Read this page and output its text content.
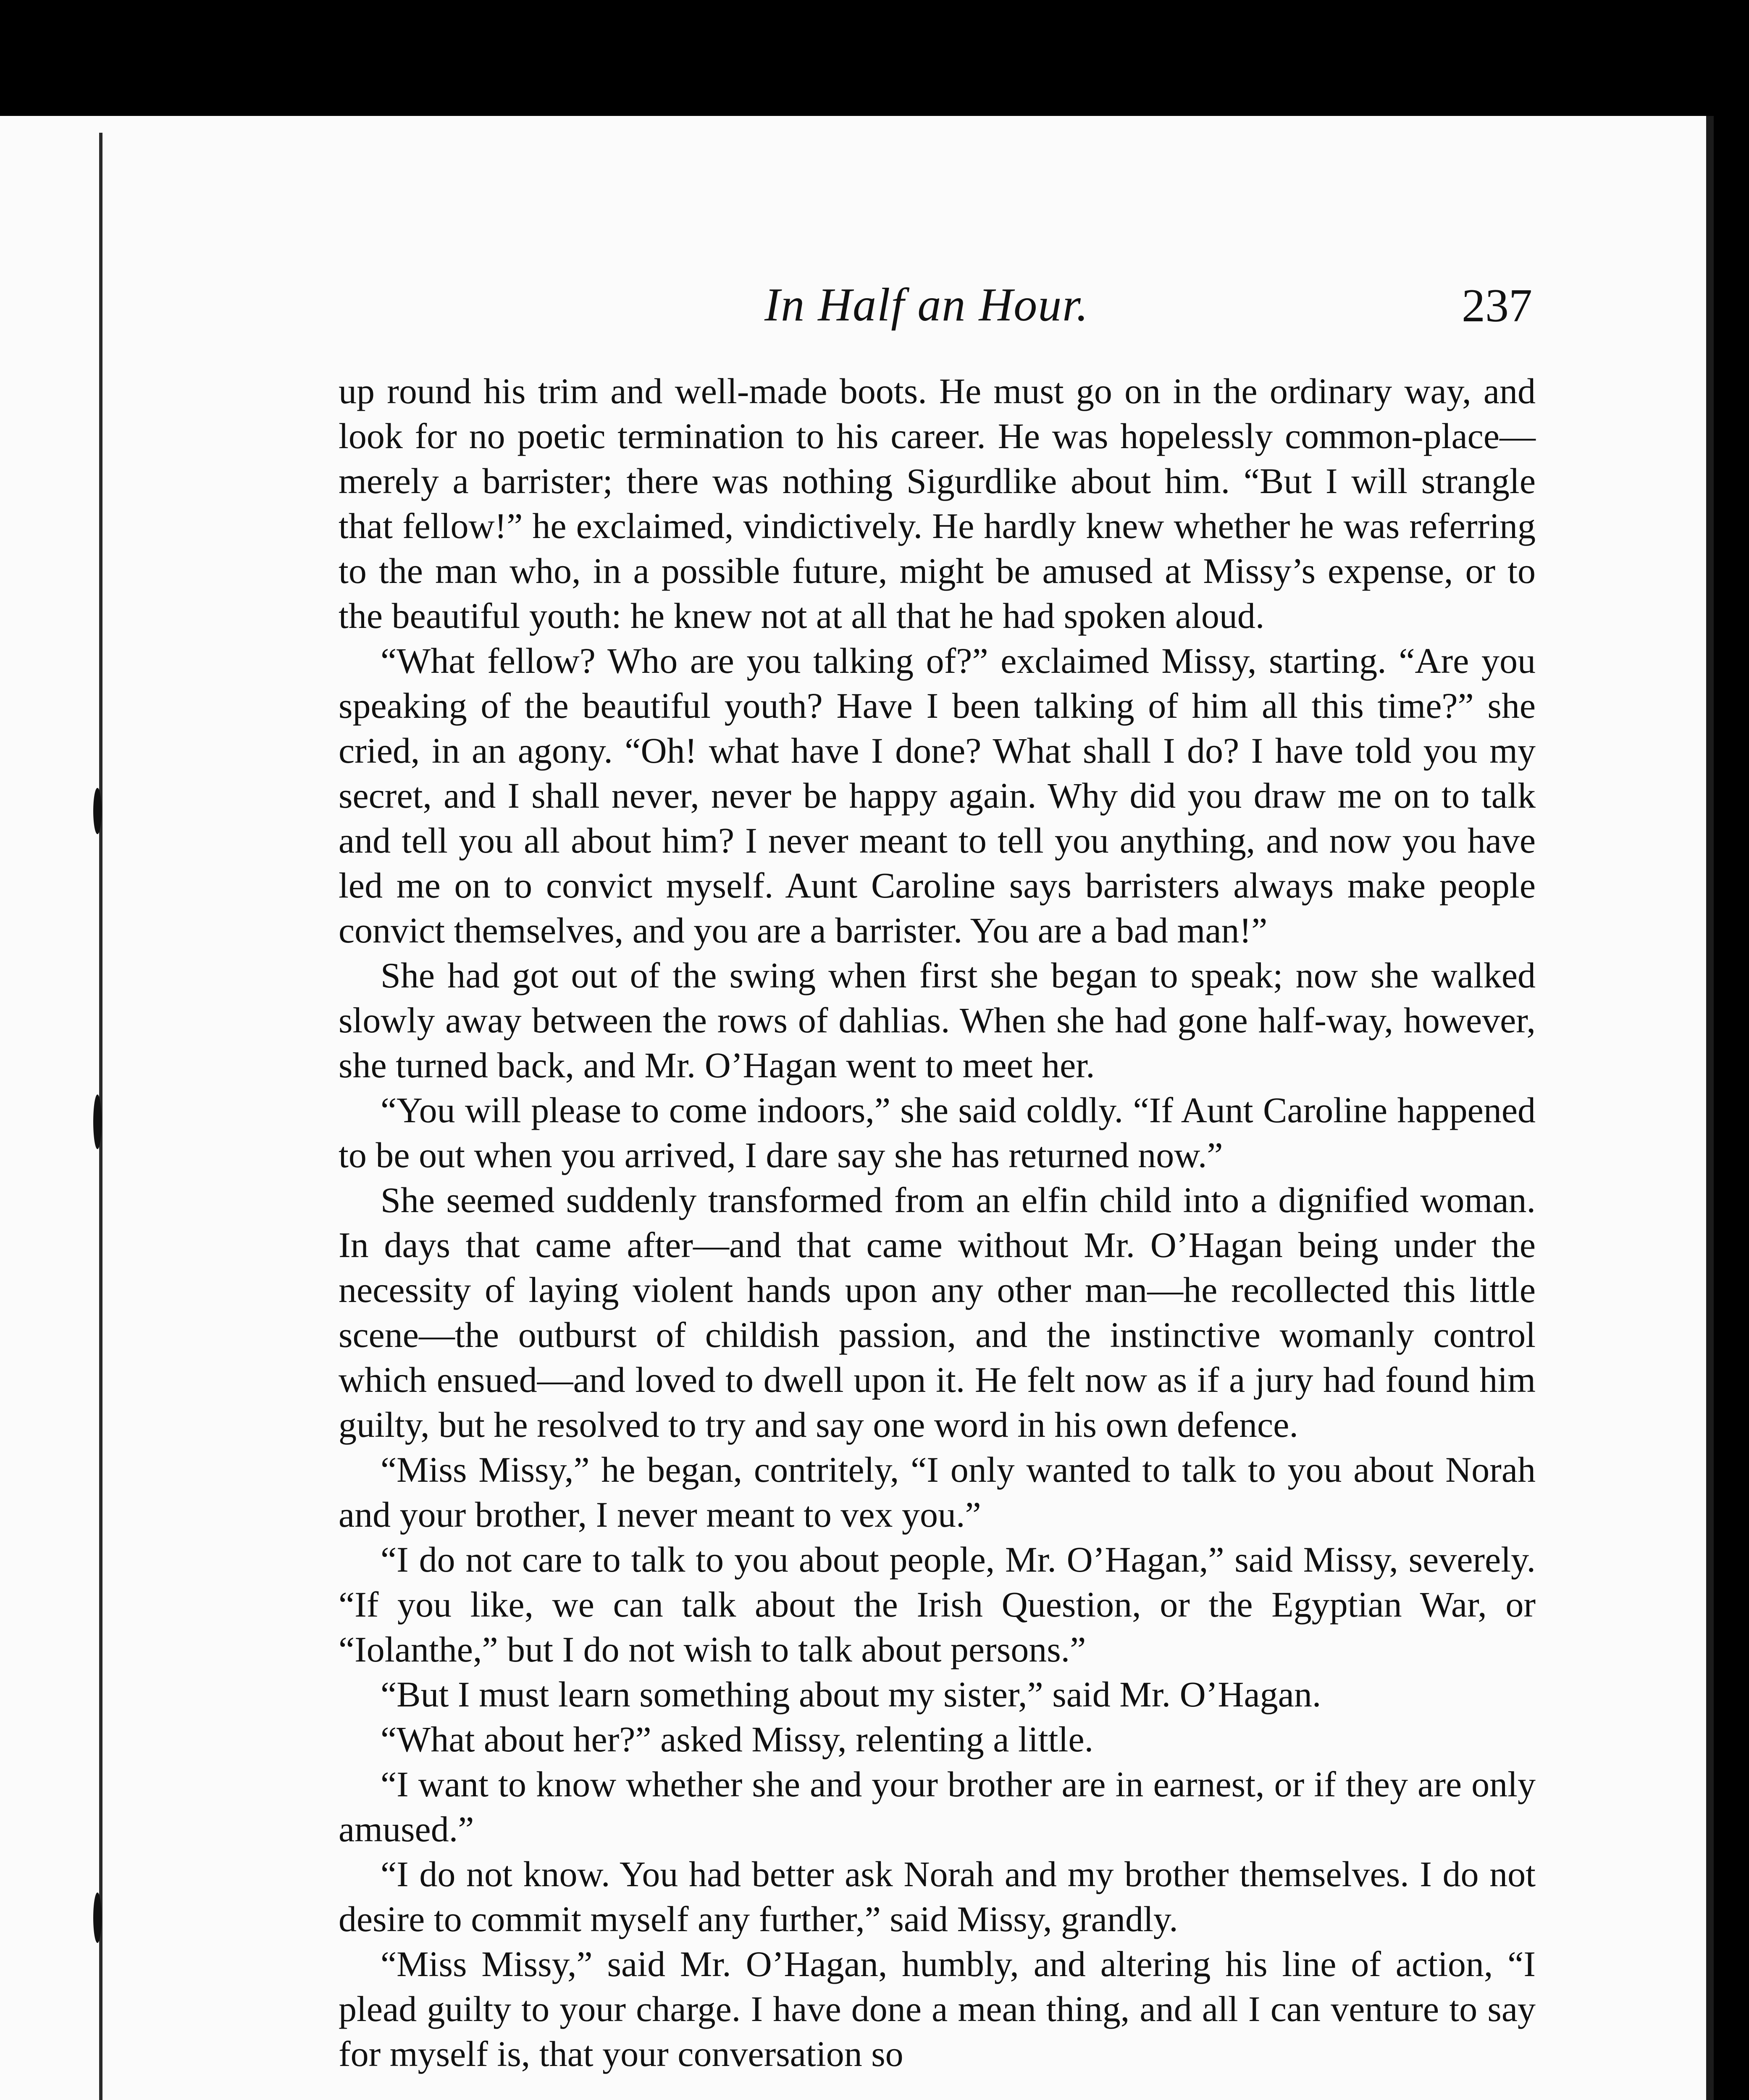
In Half an Hour.	237

up round his trim and well-made boots. He must go on in the ordinary way, and look for no poetic termination to his career. He was hopelessly common-place—merely a barrister; there was nothing Sigurdlike about him. “But I will strangle that fellow!” he exclaimed, vindictively. He hardly knew whether he was referring to the man who, in a possible future, might be amused at Missy’s expense, or to the beautiful youth: he knew not at all that he had spoken aloud.

“What fellow? Who are you talking of?” exclaimed Missy, starting. “Are you speaking of the beautiful youth? Have I been talking of him all this time?” she cried, in an agony. “Oh! what have I done? What shall I do? I have told you my secret, and I shall never, never be happy again. Why did you draw me on to talk and tell you all about him? I never meant to tell you anything, and now you have led me on to convict myself. Aunt Caroline says barristers always make people convict themselves, and you are a barrister. You are a bad man!”

She had got out of the swing when first she began to speak; now she walked slowly away between the rows of dahlias. When she had gone half-way, however, she turned back, and Mr. O’Hagan went to meet her.

“You will please to come indoors,” she said coldly. “If Aunt Caroline happened to be out when you arrived, I dare say she has returned now.”

She seemed suddenly transformed from an elfin child into a dignified woman. In days that came after—and that came without Mr. O’Hagan being under the necessity of laying violent hands upon any other man—he recollected this little scene—the outburst of childish passion, and the instinctive womanly control which ensued—and loved to dwell upon it. He felt now as if a jury had found him guilty, but he resolved to try and say one word in his own defence.

“Miss Missy,” he began, contritely, “I only wanted to talk to you about Norah and your brother, I never meant to vex you.”

“I do not care to talk to you about people, Mr. O’Hagan,” said Missy, severely. “If you like, we can talk about the Irish Question, or the Egyptian War, or “Iolanthe,” but I do not wish to talk about persons.”

“But I must learn something about my sister,” said Mr. O’Hagan.

“What about her?” asked Missy, relenting a little.

“I want to know whether she and your brother are in earnest, or if they are only amused.”

“I do not know. You had better ask Norah and my brother themselves. I do not desire to commit myself any further,” said Missy, grandly.

“Miss Missy,” said Mr. O’Hagan, humbly, and altering his line of action, “I plead guilty to your charge. I have done a mean thing, and all I can venture to say for myself is, that your conversation so
